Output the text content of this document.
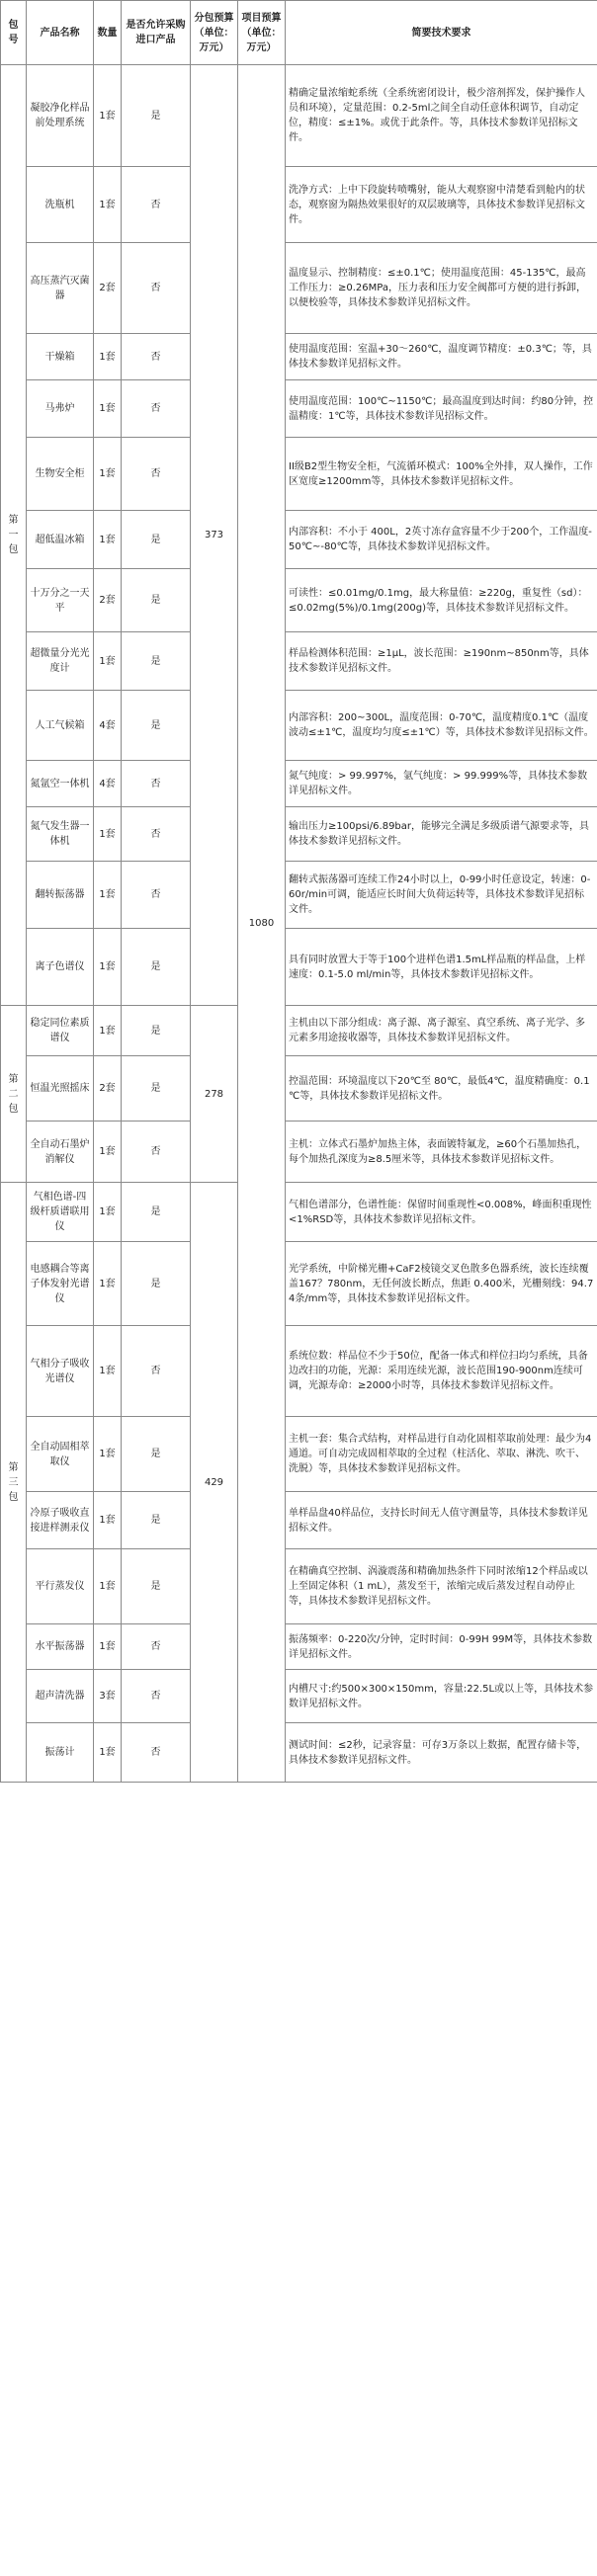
包号	产品名称	数量	是否允许采购进口产品	分包预算（单位：万元）	项目预算（单位：万元）	简要技术要求
第一包	凝胶净化样品前处理系统	1套	是	373	1080	精确定量浓缩蛇系统（全系统密闭设计，极少溶剂挥发，保护操作人员和环境），定量范围：0.2-5ml之间全自动任意体积调节，自动定位，精度：≤±1%。或优于此条件。等，具体技术参数详见招标文件。
	洗瓶机	1套	否			洗净方式：上中下段旋转喷嘴射，能从大观察窗中清楚看到舱内的状态，观察窗为隔热效果很好的双层玻璃等，具体技术参数详见招标文件。
	高压蒸汽灭菌器	2套	否			温度显示、控制精度：≤±0.1℃；使用温度范围：45-135℃，最高工作压力：≥0.26MPa，压力表和压力安全阀都可方便的进行拆卸，以便校验等，具体技术参数详见招标文件。
	干燥箱	1套	否			使用温度范围：室温+30～260℃，温度调节精度：±0.3℃；等，具体技术参数详见招标文件。
	马弗炉	1套	否			使用温度范围：100℃~1150℃；最高温度到达时间：约80分钟，控温精度：1℃等，具体技术参数详见招标文件。
	生物安全柜	1套	否			II级B2型生物安全柜，气流循环模式：100%全外排，双人操作，工作区宽度≥1200mm等，具体技术参数详见招标文件。
	超低温冰箱	1套	是			内部容积：不小于 400L，2英寸冻存盒容量不少于200个，工作温度-50℃~-80℃等，具体技术参数详见招标文件。
	十万分之一天平	2套	是			可读性：≤0.01mg/0.1mg，最大称量值：≥220g，重复性（sd）：≤0.02mg(5%)/0.1mg(200g)等，具体技术参数详见招标文件。
	超微量分光光度计	1套	是			样品检测体积范围：≥1μL，波长范围：≥190nm~850nm等，具体技术参数详见招标文件。
	人工气候箱	4套	是			内部容积：200~300L，温度范围：0-70℃，温度精度0.1℃（温度波动≤±1℃，温度均匀度≤±1℃）等，具体技术参数详见招标文件。
	氮氩空一体机	4套	否			氮气纯度：> 99.997%，氩气纯度：> 99.999%等，具体技术参数详见招标文件。
	氮气发生器一体机	1套	否			输出压力≥100psi/6.89bar，能够完全满足多级质谱气源要求等，具体技术参数详见招标文件。
	翻转振荡器	1套	否			翻转式振荡器可连续工作24小时以上，0-99小时任意设定，转速：0-60r/min可调，能适应长时间大负荷运转等，具体技术参数详见招标文件。
	离子色谱仪	1套	是			具有同时放置大于等于100个进样色谱1.5mL样品瓶的样品盘，上样速度：0.1-5.0 ml/min等，具体技术参数详见招标文件。
第二包	稳定同位素质谱仪	1套	是	278		主机由以下部分组成：离子源、离子源室、真空系统、离子光学、多元素多用途接收器等，具体技术参数详见招标文件。
	恒温光照摇床	2套	是			控温范围：环境温度以下20℃至 80℃，最低4℃，温度精确度：0.1 ℃等，具体技术参数详见招标文件。
	全自动石墨炉消解仪	1套	否			主机：立体式石墨炉加热主体，表面镀特氟龙，≥60个石墨加热孔，每个加热孔深度为≥8.5厘米等，具体技术参数详见招标文件。
第三包	气相色谱-四级杆质谱联用仪	1套	是	429		气相色谱部分，色谱性能：保留时间重现性<0.008%，峰面积重现性<1%RSD等，具体技术参数详见招标文件。
	电感耦合等离子体发射光谱仪	1套	是			光学系统，中阶梯光栅+CaF2棱镜交叉色散多色器系统，波长连续覆盖167？780nm，无任何波长断点，焦距 0.400米，光栅刻线：94.74条/mm等，具体技术参数详见招标文件。
	气相分子吸收光谱仪	1套	否			系统位数：样品位不少于50位，配备一体式和样位扫均匀系统，具备边改扫的功能，光源：采用连续光源，波长范围190-900nm连续可调，光源寿命：≥2000小时等，具体技术参数详见招标文件。
	全自动固相萃取仪	1套	是			主机一套：集合式结构，对样品进行自动化固相萃取前处理：最少为4通道。可自动完成固相萃取的全过程（柱活化、萃取、淋洗、吹干、洗脱）等，具体技术参数详见招标文件。
	冷原子吸收直接进样测汞仪	1套	是			单样品盘40样品位，支持长时间无人值守测量等，具体技术参数详见招标文件。
	平行蒸发仪	1套	是			在精确真空控制、涡漩震荡和精确加热条件下同时浓缩12个样品或以上至固定体积（1 mL），蒸发至干，浓缩完成后蒸发过程自动停止等，具体技术参数详见招标文件。
	水平振荡器	1套	否			振荡频率：0-220次/分钟，定时时间：0-99H 99M等，具体技术参数详见招标文件。
	超声清洗器	3套	否			内槽尺寸:约500×300×150mm，容量:22.5L或以上等，具体技术参数详见招标文件。
	振荡计	1套	否			测试时间：≤2秒，记录容量：可存3万条以上数据，配置存储卡等，具体技术参数详见招标文件。
